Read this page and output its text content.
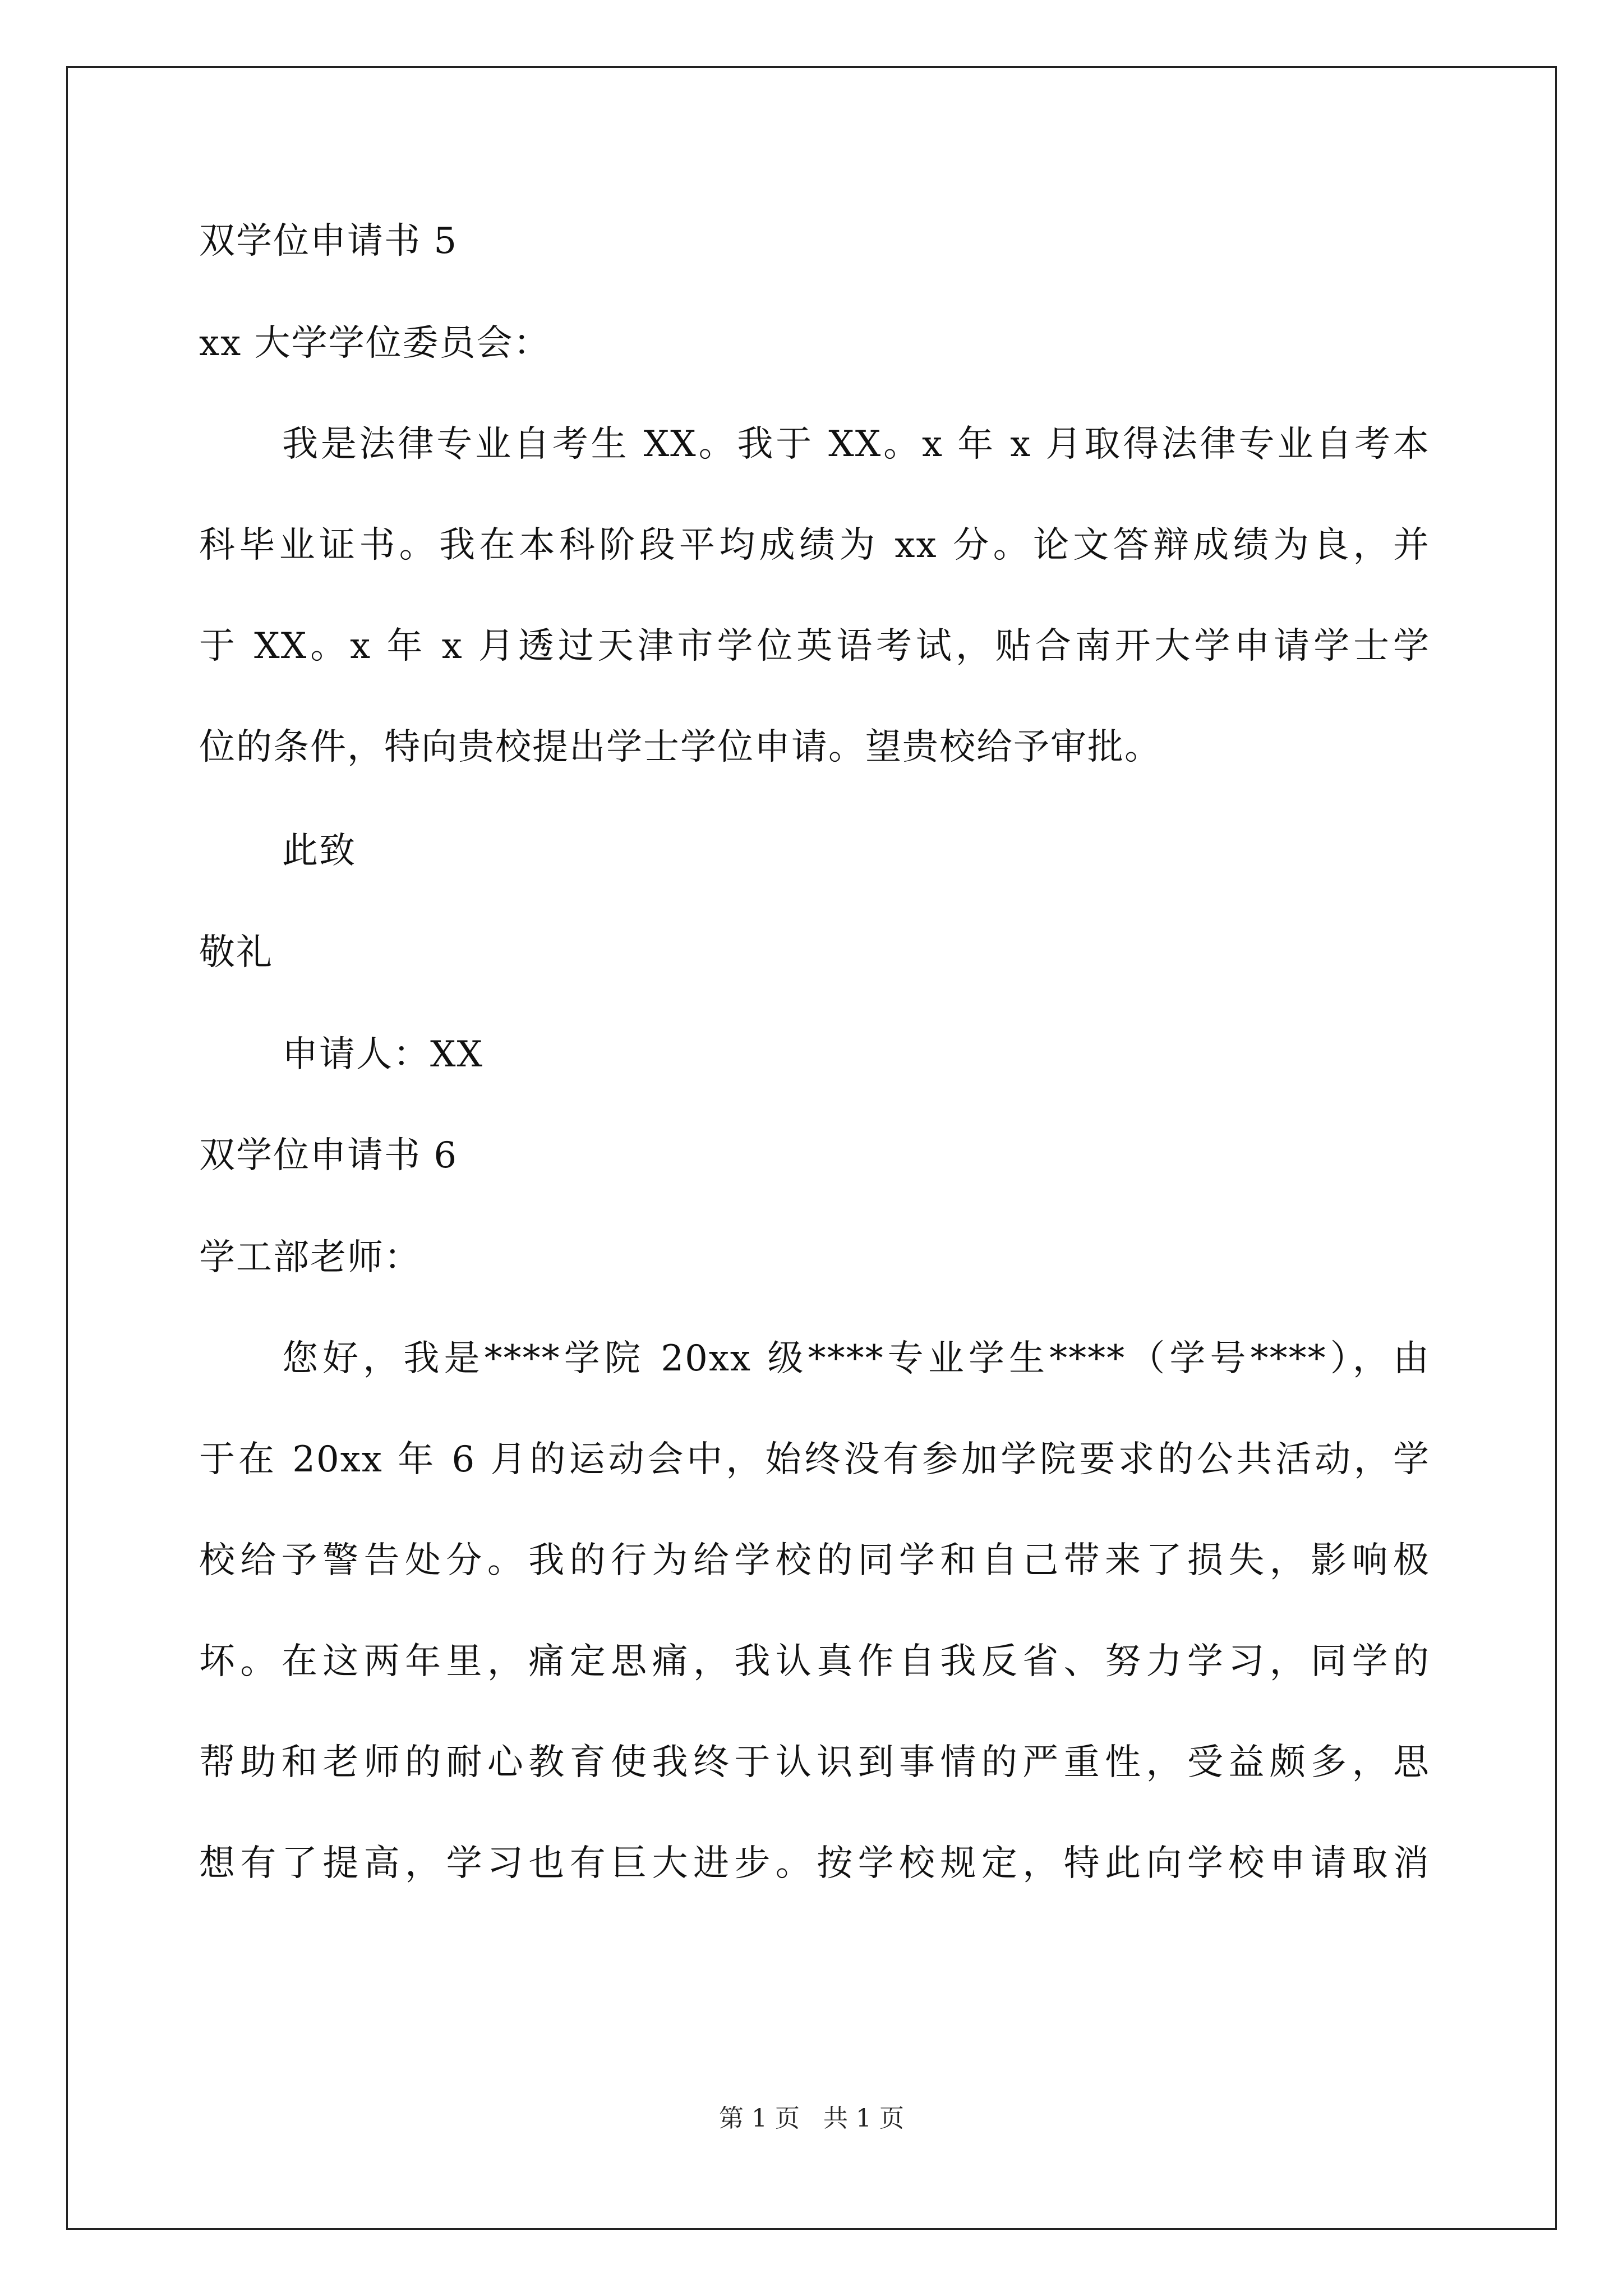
双学位申请书 5
xx 大学学位委员会：
我是法律专业自考生 XX。我于 XX。x 年 x 月取得法律专业自考本
科毕业证书。我在本科阶段平均成绩为 xx 分。论文答辩成绩为良，并
于 XX。x 年 x 月透过天津市学位英语考试，贴合南开大学申请学士学
位的条件，特向贵校提出学士学位申请。望贵校给予审批。
此致
敬礼
申请人：XX
双学位申请书 6
学工部老师：
您好，我是****学院 20xx 级****专业学生****（学号****），由
于在 20xx 年 6 月的运动会中，始终没有参加学院要求的公共活动，学
校给予警告处分。我的行为给学校的同学和自己带来了损失，影响极
坏。在这两年里，痛定思痛，我认真作自我反省、努力学习，同学的
帮助和老师的耐心教育使我终于认识到事情的严重性，受益颇多，思
想有了提高，学习也有巨大进步。按学校规定，特此向学校申请取消
第 1 页   共 1 页
